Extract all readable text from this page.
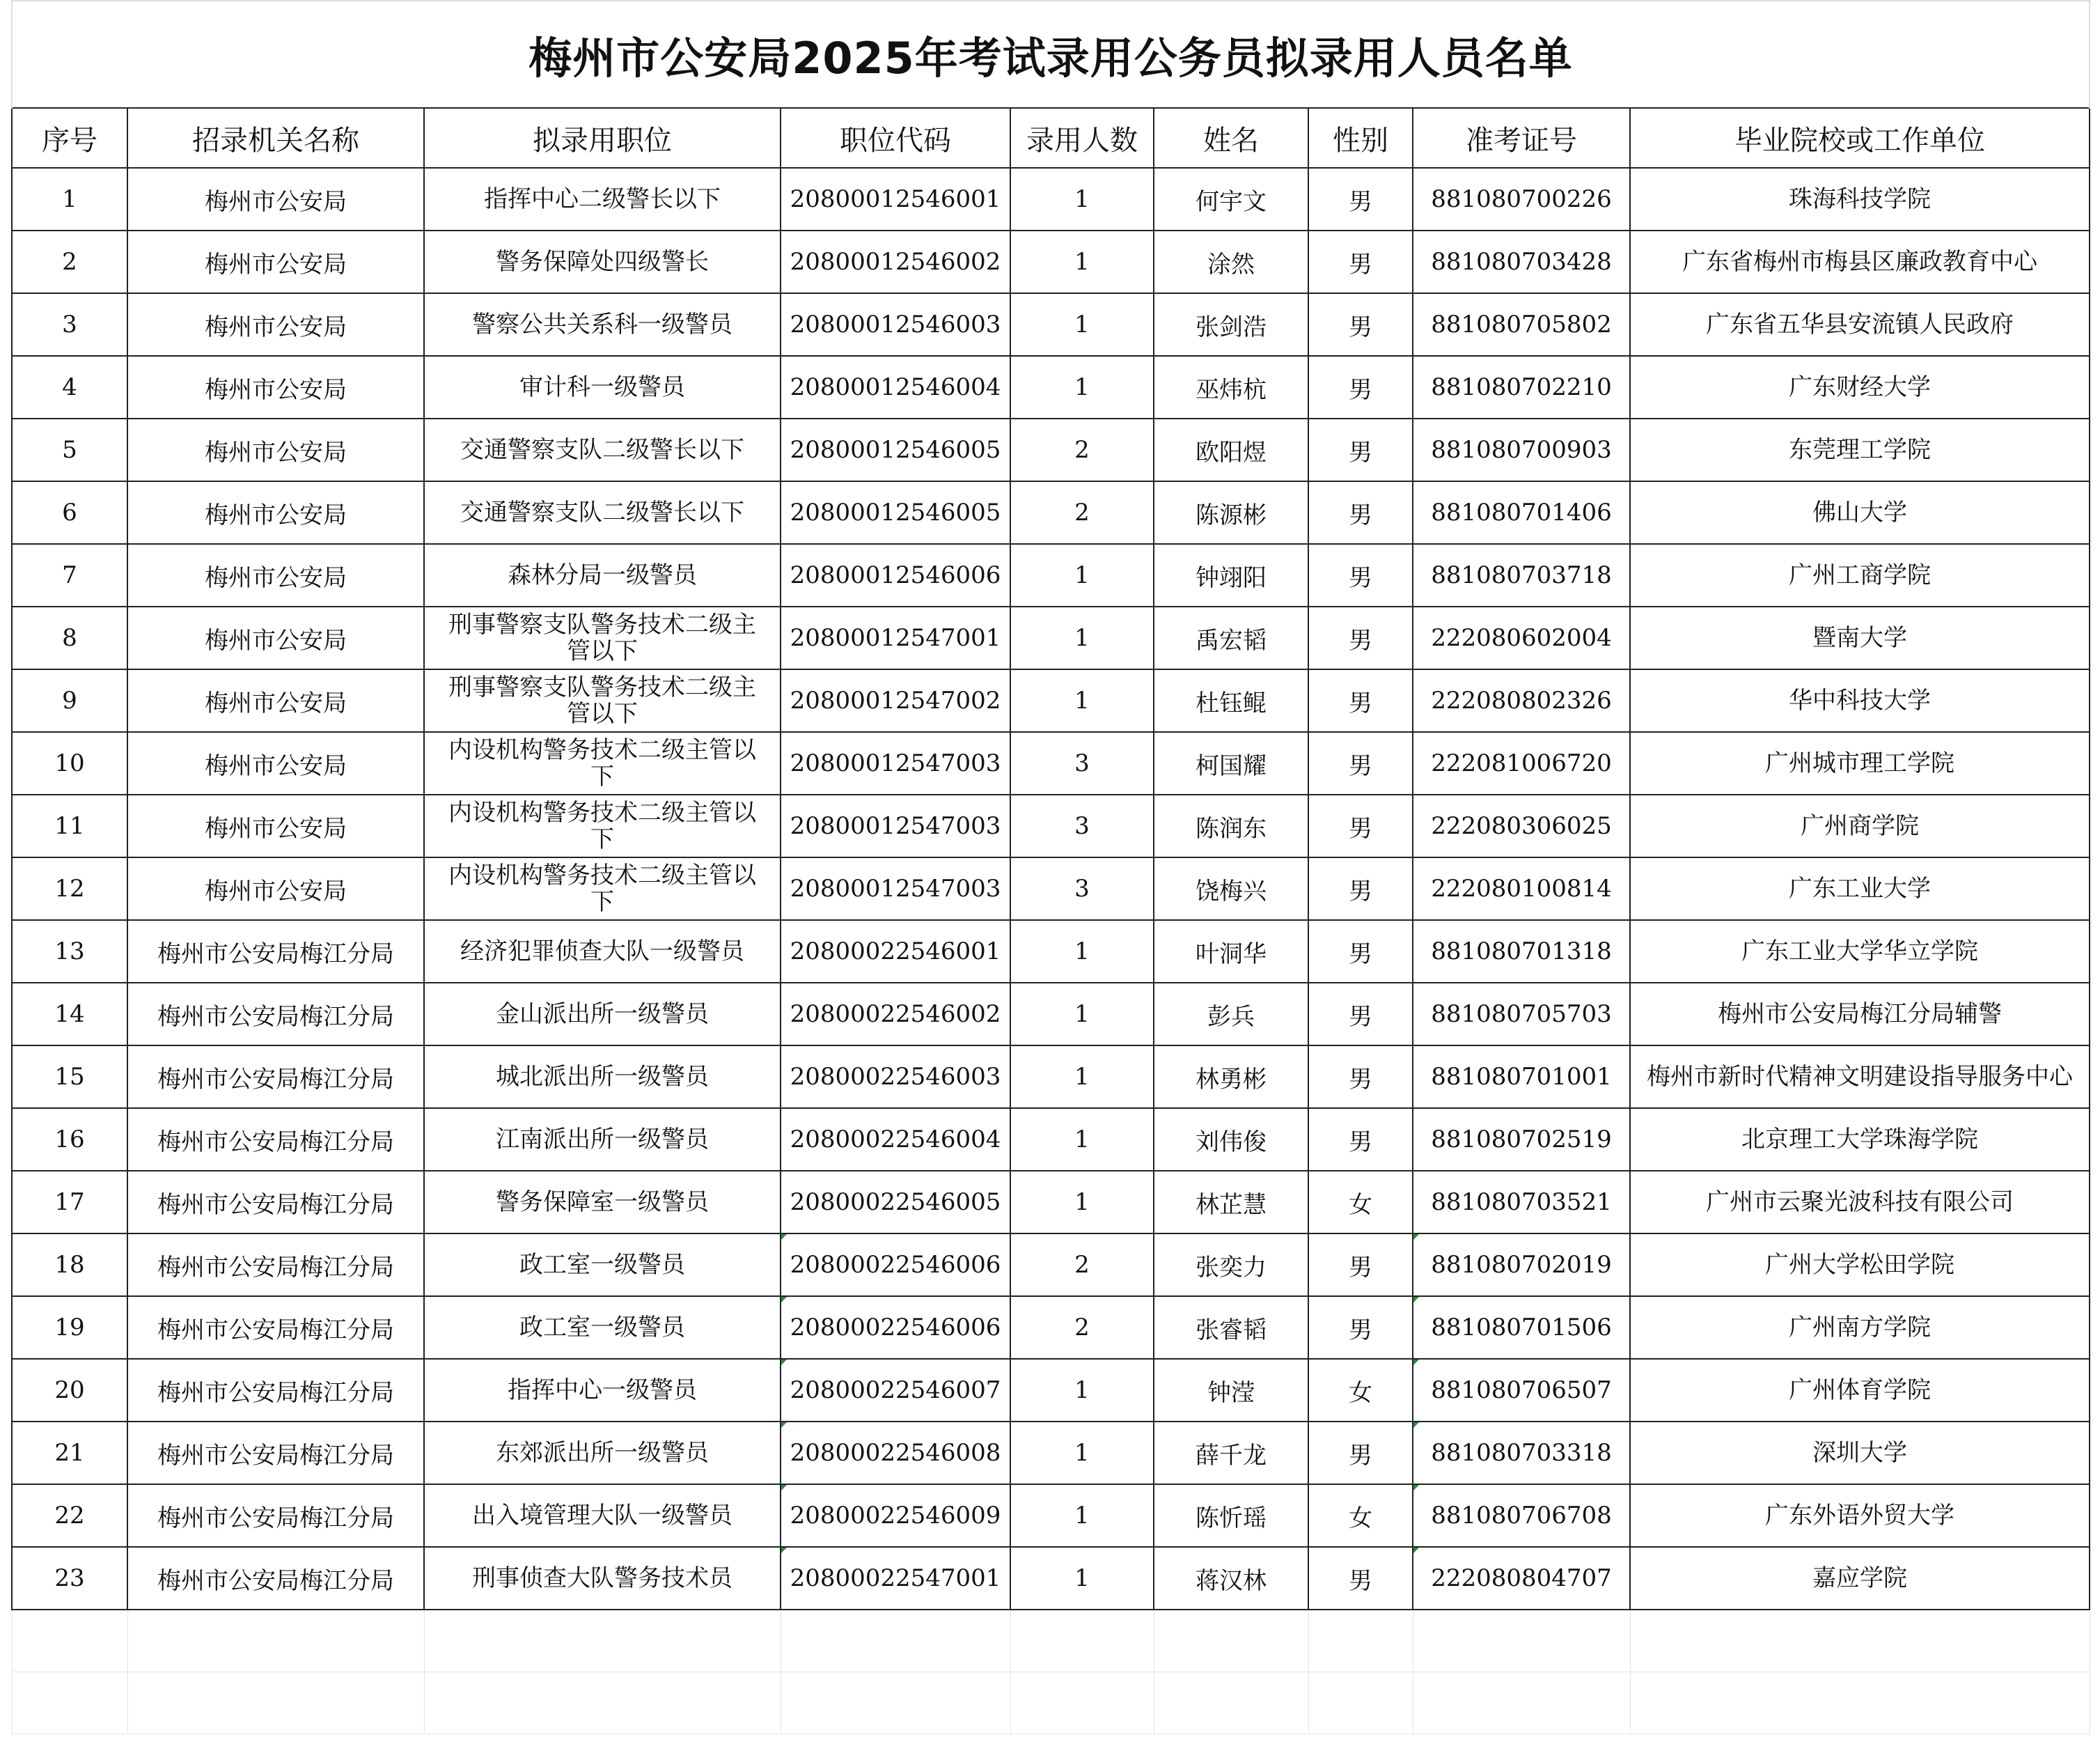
梅州市公安局2025年考试录用公务员拟录用人员名单								
序号	招录机关名称	拟录用职位	职位代码	录用人数	姓名	性别	准考证号	毕业院校或工作单位
1	梅州市公安局	指挥中心二级警长以下	20800012546001	1	何宇文	男	881080700226	珠海科技学院
2	梅州市公安局	警务保障处四级警长	20800012546002	1	涂然	男	881080703428	广东省梅州市梅县区廉政教育中心
3	梅州市公安局	警察公共关系科一级警员	20800012546003	1	张剑浩	男	881080705802	广东省五华县安流镇人民政府
4	梅州市公安局	审计科一级警员	20800012546004	1	巫炜杭	男	881080702210	广东财经大学
5	梅州市公安局	交通警察支队二级警长以下	20800012546005	2	欧阳煜	男	881080700903	东莞理工学院
6	梅州市公安局	交通警察支队二级警长以下	20800012546005	2	陈源彬	男	881080701406	佛山大学
7	梅州市公安局	森林分局一级警员	20800012546006	1	钟翊阳	男	881080703718	广州工商学院
8	梅州市公安局	刑事警察支队警务技术二级主管以下	20800012547001	1	禹宏韬	男	222080602004	暨南大学
9	梅州市公安局	刑事警察支队警务技术二级主管以下	20800012547002	1	杜钰鲲	男	222080802326	华中科技大学
10	梅州市公安局	内设机构警务技术二级主管以下	20800012547003	3	柯国耀	男	222081006720	广州城市理工学院
11	梅州市公安局	内设机构警务技术二级主管以下	20800012547003	3	陈润东	男	222080306025	广州商学院
12	梅州市公安局	内设机构警务技术二级主管以下	20800012547003	3	饶梅兴	男	222080100814	广东工业大学
13	梅州市公安局梅江分局	经济犯罪侦查大队一级警员	20800022546001	1	叶洞华	男	881080701318	广东工业大学华立学院
14	梅州市公安局梅江分局	金山派出所一级警员	20800022546002	1	彭兵	男	881080705703	梅州市公安局梅江分局辅警
15	梅州市公安局梅江分局	城北派出所一级警员	20800022546003	1	林勇彬	男	881080701001	梅州市新时代精神文明建设指导服务中心
16	梅州市公安局梅江分局	江南派出所一级警员	20800022546004	1	刘伟俊	男	881080702519	北京理工大学珠海学院
17	梅州市公安局梅江分局	警务保障室一级警员	20800022546005	1	林芷慧	女	881080703521	广州市云聚光波科技有限公司
18	梅州市公安局梅江分局	政工室一级警员	20800022546006	2	张奕力	男	881080702019	广州大学松田学院
19	梅州市公安局梅江分局	政工室一级警员	20800022546006	2	张睿韬	男	881080701506	广州南方学院
20	梅州市公安局梅江分局	指挥中心一级警员	20800022546007	1	钟滢	女	881080706507	广州体育学院
21	梅州市公安局梅江分局	东郊派出所一级警员	20800022546008	1	薛千龙	男	881080703318	深圳大学
22	梅州市公安局梅江分局	出入境管理大队一级警员	20800022546009	1	陈忻瑶	女	881080706708	广东外语外贸大学
23	梅州市公安局梅江分局	刑事侦查大队警务技术员	20800022547001	1	蒋汉林	男	222080804707	嘉应学院
